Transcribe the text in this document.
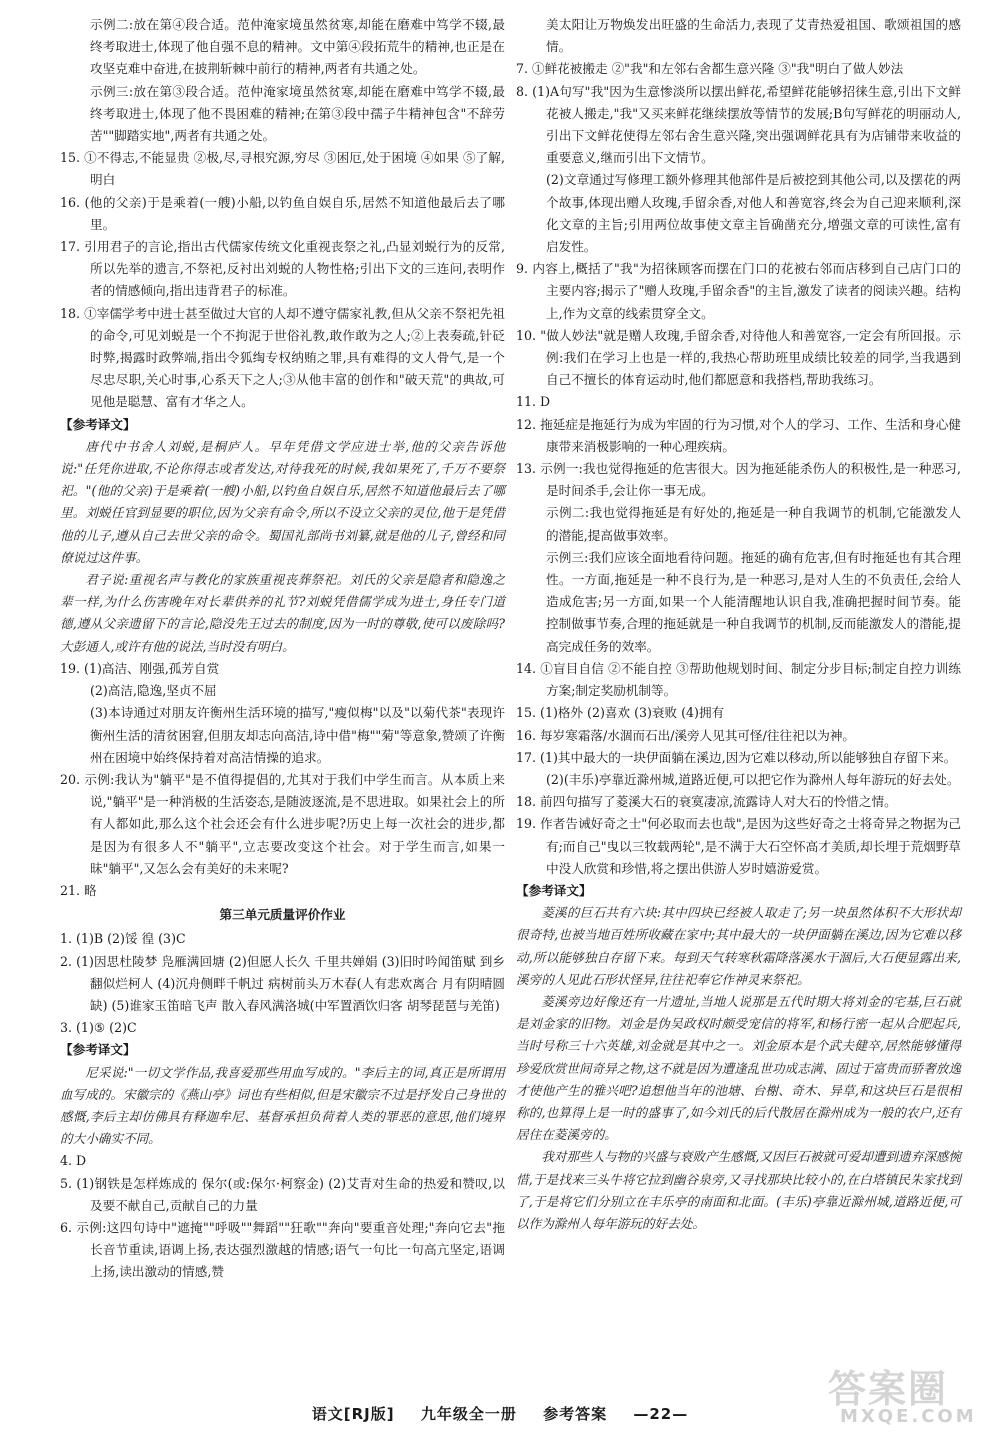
示例二:放在第④段合适。范仲淹家境虽然贫寒,却能在磨难中笃学不辍,最终考取进士,体现了他自强不息的精神。文中第④段拓荒牛的精神,也正是在攻坚克难中奋进,在披荆斩棘中前行的精神,两者有共通之处。

示例三:放在第③段合适。范仲淹家境虽然贫寒,却能在磨难中笃学不辍,最终考取进士,体现了他不畏困难的精神;在第③段中孺子牛精神包含"不辞劳苦""脚踏实地",两者有共通之处。

15. ①不得志,不能显贵 ②极,尽,寻根究源,穷尽 ③困厄,处于困境 ④如果 ⑤了解,明白

16. (他的父亲)于是乘着(一艘)小船,以钓鱼自娱自乐,居然不知道他最后去了哪里。

17. 引用君子的言论,指出古代儒家传统文化重视丧祭之礼,凸显刘蜕行为的反常,所以先举的遗言,不祭祀,反衬出刘蜕的人物性格;引出下文的三连问,表明作者的情感倾向,指出违背君子的标准。

18. ①宰儒学考中进士甚至做过大官的人却不遵守儒家礼教,但从父亲不祭祀先祖的命令,可见刘蜕是一个不拘泥于世俗礼教,敢作敢为之人;②上表奏疏,针砭时弊,揭露时政弊端,指出令狐绹专权纳贿之罪,具有难得的文人骨气,是一个尽忠尽职,关心时事,心系天下之人;③从他丰富的创作和"破天荒"的典故,可见他是聪慧、富有才华之人。

【参考译文】

唐代中书舍人刘蜕,是桐庐人。早年凭借文学应进士举,他的父亲告诉他说:"任凭你进取,不论你得志或者发达,对待我死的时候,我如果死了,千万不要祭祀。"(他的父亲)于是乘着(一艘)小船,以钓鱼自娱自乐,居然不知道他最后去了哪里。刘蜕任官到显要的职位,因为父亲有命令,所以不设立父亲的灵位,他于是凭借他的儿子,遵从自己去世父亲的命令。蜀国礼部尚书刘纂,就是他的儿子,曾经和同僚说过这件事。

君子说:重视名声与教化的家族重视丧葬祭祀。刘氏的父亲是隐者和隐逸之辈一样,为什么伤害晚年对长辈供养的礼节?刘蜕凭借儒学成为进士,身任专门道德,遵从父亲遗留下的言论,隐没先王过去的制度,因为一时的尊敬,使可以废除吗?大彭通人,或许有他的说法,当时没有明白。

19. (1)高洁、刚强,孤芳自赏

(2)高洁,隐逸,坚贞不屈

(3)本诗通过对朋友许衡州生活环境的描写,"瘦似梅"以及"以菊代茶"表现许衡州生活的清贫困窘,但朋友却志向高洁,诗中借"梅""菊"等意象,赞颂了许衡州在困境中始终保持着对高洁情操的追求。

20. 示例:我认为"躺平"是不值得提倡的,尤其对于我们中学生而言。从本质上来说,"躺平"是一种消极的生活姿态,是随波逐流,是不思进取。如果社会上的所有人都如此,那么这个社会还会有什么进步呢?历史上每一次社会的进步,都是因为有很多人不"躺平",立志要改变这个社会。对于学生而言,如果一昧"躺平",又怎么会有美好的未来呢?

21. 略

第三单元质量评价作业

1. (1)B (2)馁 徨 (3)C

2. (1)因思杜陵梦 凫雁满回塘 (2)但愿人长久 千里共婵娟 (3)旧时吟闻笛赋 到乡翻似烂柯人 (4)沉舟侧畔千帆过 病树前头万木春(人有悲欢离合 月有阴晴圆缺) (5)谁家玉笛暗飞声 散入春风满洛城(中军置酒饮归客 胡琴琵琶与羌笛)

3. (1)⑤ (2)C

【参考译文】

尼采说:"一切文学作品,我喜爱那些用血写成的。"李后主的词,真正是所谓用血写成的。宋徽宗的《燕山亭》词也有些相似,但是宋徽宗不过是抒发自己身世的感慨,李后主却仿佛具有释迦牟尼、基督承担负荷着人类的罪恶的意思,他们境界的大小确实不同。

4. D

5. (1)钢铁是怎样炼成的 保尔(或:保尔·柯察金) (2)艾青对生命的热爱和赞叹,以及要不献自己,贡献自己的力量

6. 示例:这四句诗中"遮掩""呼吸""舞蹈""狂歌""奔向"要重音处理;"奔向它去"拖长音节重读,语调上扬,表达强烈激越的情感;语气一句比一句高亢坚定,语调上扬,读出激动的情感,赞

美太阳让万物焕发出旺盛的生命活力,表现了艾青热爱祖国、歌颂祖国的感情。

7. ①鲜花被搬走 ②"我"和左邻右舍都生意兴隆 ③"我"明白了做人妙法

8. (1)A句写"我"因为生意惨淡所以摆出鲜花,希望鲜花能够招徕生意,引出下文鲜花被人搬走,"我"又买来鲜花继续摆放等情节的发展;B句写鲜花的明丽动人,引出下文鲜花使得左邻右舍生意兴隆,突出强调鲜花具有为店铺带来收益的重要意义,继而引出下文情节。

(2)文章通过写修理工额外修理其他部件是后被挖到其他公司,以及摆花的两个故事,体现出赠人玫瑰,手留余香,对他人和善宽容,终会为自己迎来顺利,深化文章的主旨;引用两位故事使文章主旨确凿充分,增强文章的可读性,富有启发性。

9. 内容上,概括了"我"为招徕顾客而摆在门口的花被右邻而店移到自己店门口的主要内容;揭示了"赠人玫瑰,手留余香"的主旨,激发了读者的阅读兴趣。结构上,作为文章的线索贯穿全文。

10. "做人妙法"就是赠人玫瑰,手留余香,对待他人和善宽容,一定会有所回报。示例:我们在学习上也是一样的,我热心帮助班里成绩比较差的同学,当我遇到自己不擅长的体育运动时,他们都愿意和我搭档,帮助我练习。

11. D

12. 拖延症是拖延行为成为牢固的行为习惯,对个人的学习、工作、生活和身心健康带来消极影响的一种心理疾病。

13. 示例一:我也觉得拖延的危害很大。因为拖延能杀伤人的积极性,是一种恶习,是时间杀手,会让你一事无成。

示例二:我也觉得拖延是有好处的,拖延是一种自我调节的机制,它能激发人的潜能,提高做事效率。

示例三:我们应该全面地看待问题。拖延的确有危害,但有时拖延也有其合理性。一方面,拖延是一种不良行为,是一种恶习,是对人生的不负责任,会给人造成危害;另一方面,如果一个人能清醒地认识自我,准确把握时间节奏。能控制做事节奏,合理的拖延就是一种自我调节的机制,反而能激发人的潜能,提高完成任务的效率。

14. ①盲目自信 ②不能自控 ③帮助他规划时间、制定分步目标;制定自控力训练方案;制定奖励机制等。

15. (1)格外 (2)喜欢 (3)衰败 (4)拥有

16. 每岁寒霜落/水涸而石出/溪旁人见其可怪/往往祀以为神。

17. (1)其中最大的一块伊面躺在溪边,因为它难以移动,所以能够独自存留下来。

(2)(丰乐)亭靠近滁州城,道路近便,可以把它作为滁州人每年游玩的好去处。

18. 前四句描写了菱溪大石的衰寞凄凉,流露诗人对大石的怜惜之情。

19. 作者告诫好奇之士"何必取而去也哉",是因为这些好奇之士将奇异之物据为己有;而自己"曳以三牧载两轮",是不满于大石空怀高才美质,却长埋于荒烟野草中没人欣赏和珍惜,将之摆出供游人岁时嬉游爱赏。

【参考译文】

菱溪的巨石共有六块:其中四块已经被人取走了;另一块虽然体积不大形状却很奇特,也被当地百姓所收藏在家中;其中最大的一块伊面躺在溪边,因为它难以移动,所以能够独自存留下来。每到天气转寒秋霜降落溪水干涸后,大石便显露出来,溪旁的人见此石形状怪异,往往祀奉它作神灵来祭祀。

菱溪旁边好像还有一片遗址,当地人说那是五代时期大将刘金的宅基,巨石就是刘金家的旧物。刘金是伪吴政权时颇受宠信的将军,和杨行密一起从合肥起兵,当时号称三十六英雄,刘金就是其中之一。刘金原本是个武夫健卒,居然能够懂得珍爱欣赏世间奇异之物,这不就是因为遭逢乱世功成志满、固过于富贵而骄奢放逸才使他产生的雅兴吧?追想他当年的池塘、台榭、奇木、异草,和这块巨石是很相称的,也算得上是一时的盛事了,如今刘氏的后代散居在滁州成为一般的农户,还有居住在菱溪旁的。

我对那些人与物的兴盛与衰败产生感慨,又因巨石被就可爱却遭到遗弃深感惋惜,于是找来三头牛将它拉到幽谷泉旁,又寻找那块比较小的,在白塔镇民朱家找到了,于是将它们分别立在丰乐亭的南面和北面。(丰乐)亭靠近滁州城,道路近便,可以作为滁州人每年游玩的好去处。

语文[RJ版] 九年级全一册 参考答案 —22—
答案圈
MXQE.COM
